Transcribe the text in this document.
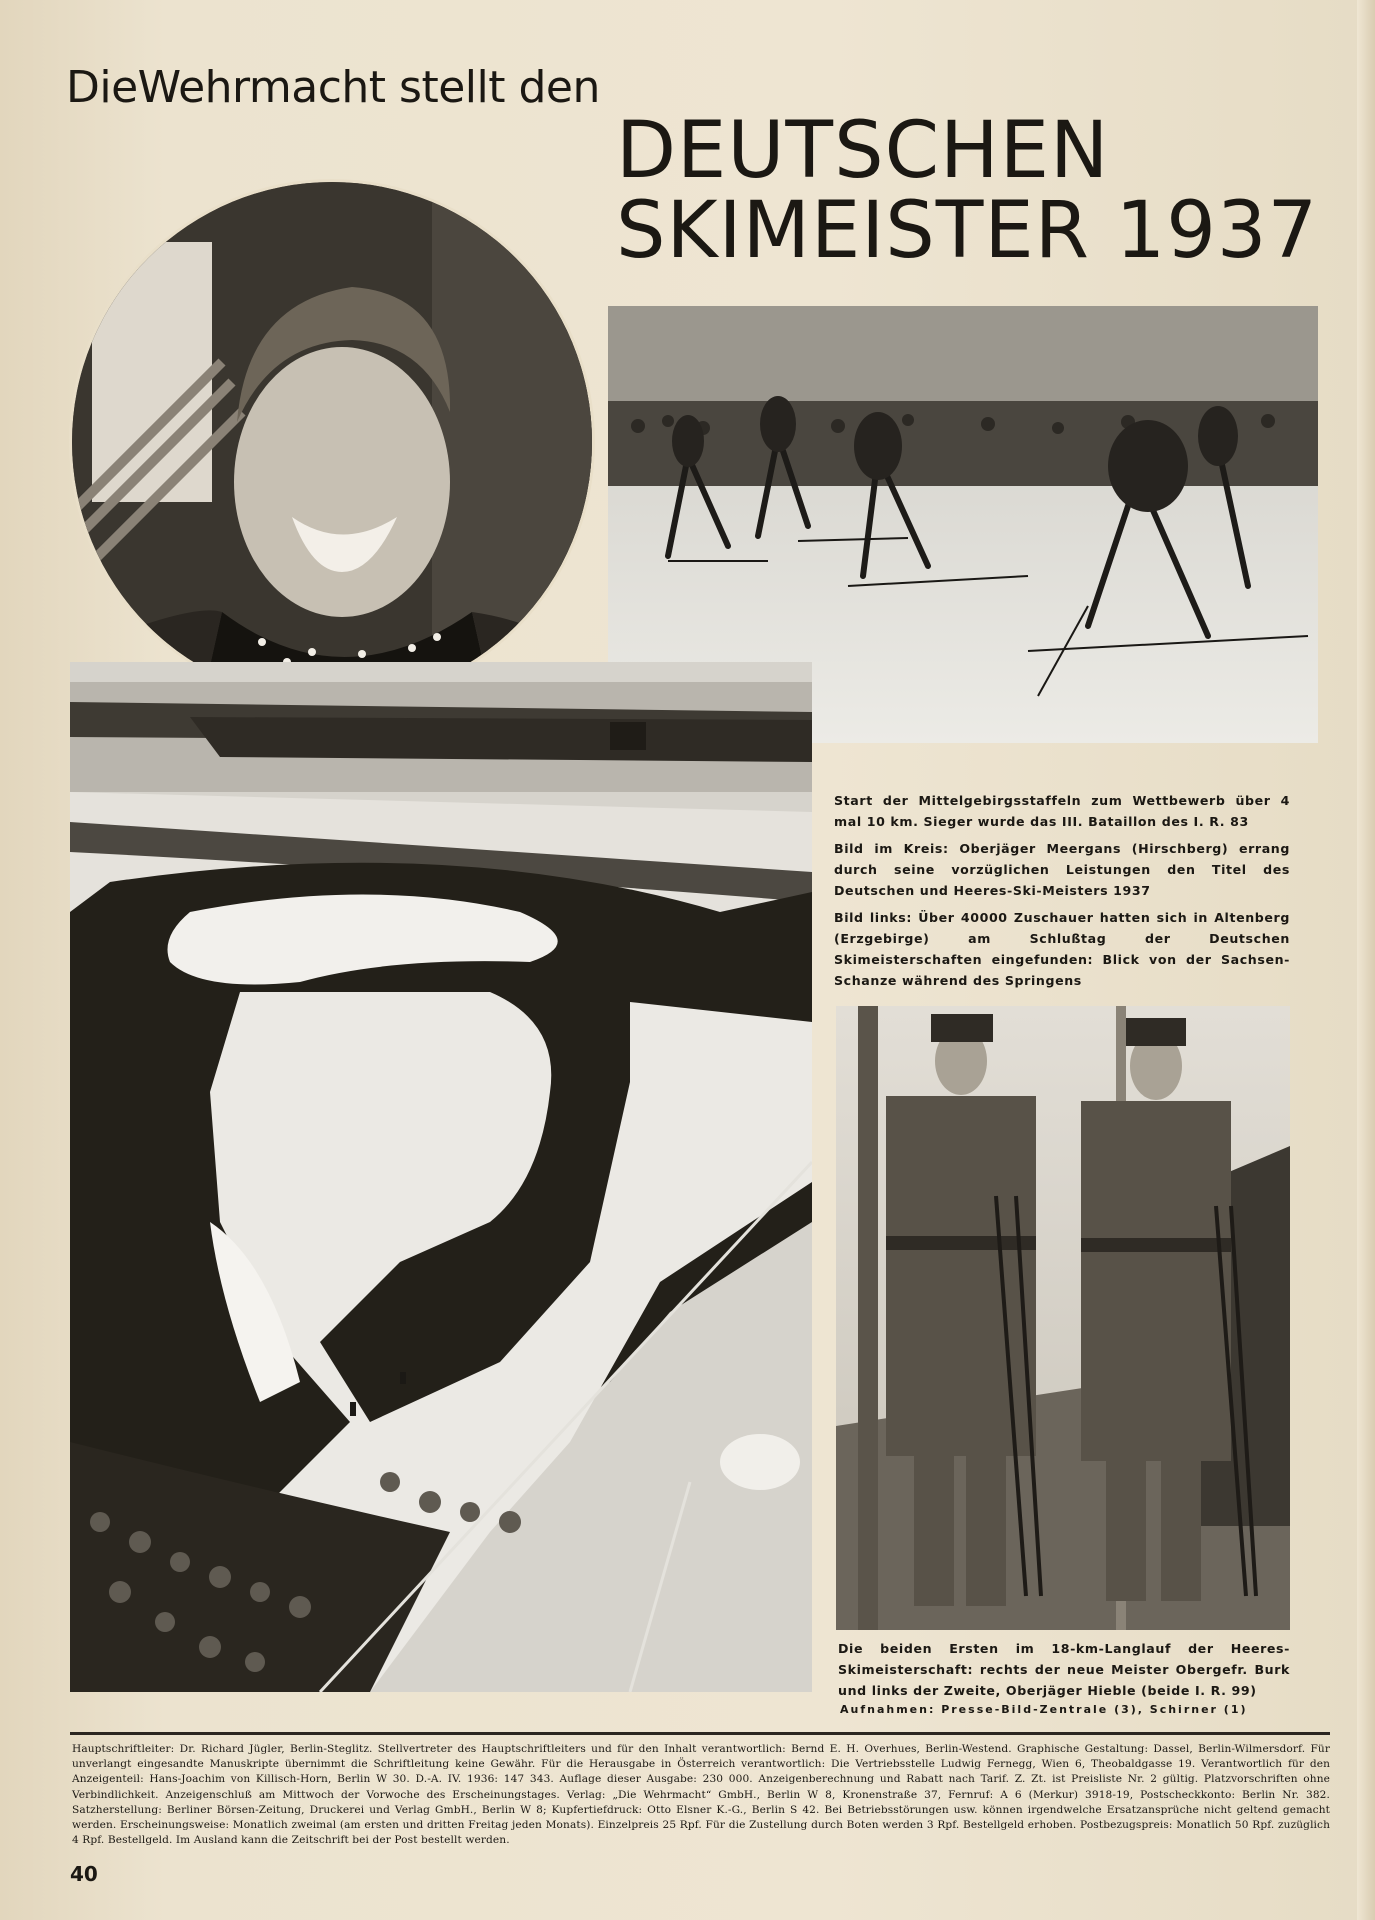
DieWehrmacht stellt den
DEUTSCHEN
SKIMEISTER 1937

Start der Mittelgebirgsstaffeln zum Wettbewerb über 4 mal 10 km. Sieger wurde das III. Bataillon des I. R. 83

Bild im Kreis: Oberjäger Meergans (Hirschberg) errang durch seine vorzüglichen Leistungen den Titel des Deutschen und Heeres-Ski-Meisters 1937

Bild links: Über 40000 Zuschauer hatten sich in Altenberg (Erzgebirge) am Schlußtag der Deutschen Skimeisterschaften eingefunden: Blick von der Sachsen-Schanze während des Springens

Die beiden Ersten im 18-km-Langlauf der Heeres-Skimeisterschaft: rechts der neue Meister Obergefr. Burk und links der Zweite, Oberjäger Hieble (beide I. R. 99)
Aufnahmen: Presse-Bild-Zentrale (3), Schirner (1)
Hauptschriftleiter: Dr. Richard Jügler, Berlin-Steglitz. Stellvertreter des Hauptschriftleiters und für den Inhalt verantwortlich: Bernd E. H. Overhues, Berlin-Westend. Graphische Gestaltung: Dassel, Berlin-Wilmersdorf. Für unverlangt eingesandte Manuskripte übernimmt die Schriftleitung keine Gewähr. Für die Herausgabe in Österreich verantwortlich: Die Vertriebsstelle Ludwig Fernegg, Wien 6, Theobaldgasse 19. Verantwortlich für den Anzeigenteil: Hans-Joachim von Killisch-Horn, Berlin W 30. D.-A. IV. 1936: 147 343. Auflage dieser Ausgabe: 230 000. Anzeigenberechnung und Rabatt nach Tarif. Z. Zt. ist Preisliste Nr. 2 gültig. Platzvorschriften ohne Verbindlichkeit. Anzeigenschluß am Mittwoch der Vorwoche des Erscheinungstages. Verlag: „Die Wehrmacht“ GmbH., Berlin W 8, Kronenstraße 37, Fernruf: A 6 (Merkur) 3918-19, Postscheckkonto: Berlin Nr. 382. Satzherstellung: Berliner Börsen-Zeitung, Druckerei und Verlag GmbH., Berlin W 8; Kupfertiefdruck: Otto Elsner K.-G., Berlin S 42. Bei Betriebsstörungen usw. können irgendwelche Ersatzansprüche nicht geltend gemacht werden. Erscheinungsweise: Monatlich zweimal (am ersten und dritten Freitag jeden Monats). Einzelpreis 25 Rpf. Für die Zustellung durch Boten werden 3 Rpf. Bestellgeld erhoben. Postbezugspreis: Monatlich 50 Rpf. zuzüglich 4 Rpf. Bestellgeld. Im Ausland kann die Zeitschrift bei der Post bestellt werden.
40
